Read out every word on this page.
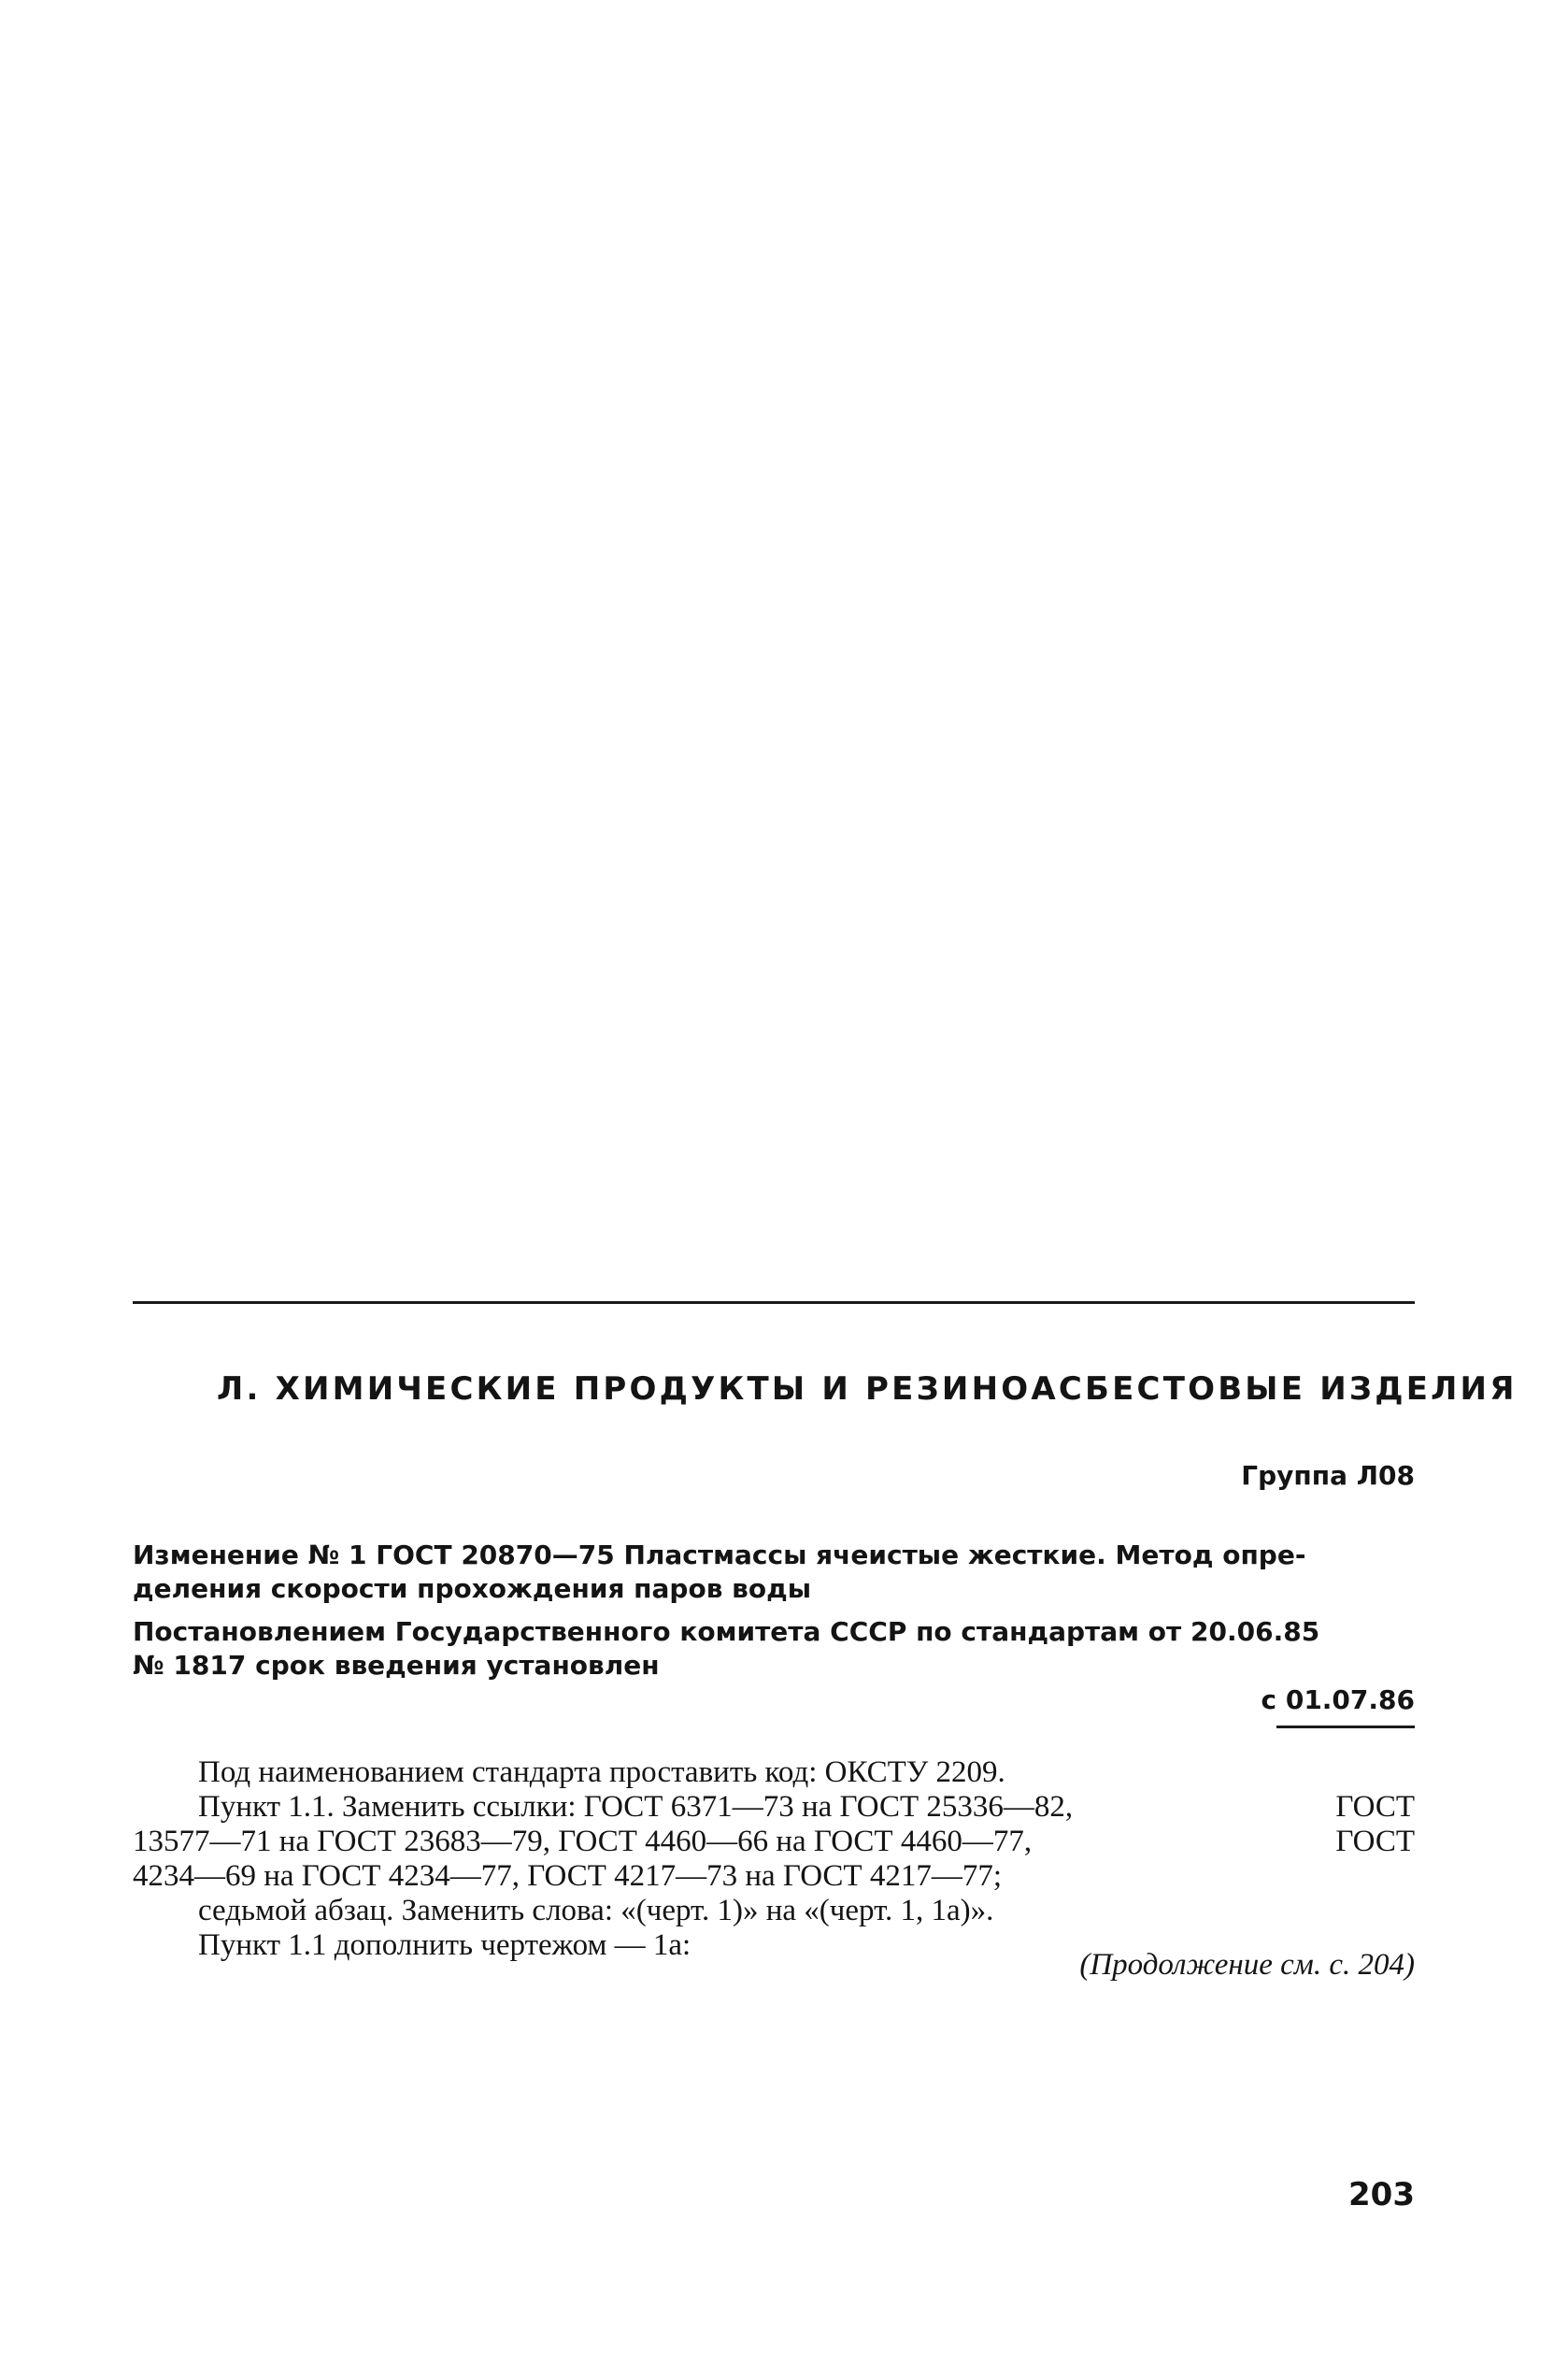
Л. ХИМИЧЕСКИЕ ПРОДУКТЫ И РЕЗИНОАСБЕСТОВЫЕ ИЗДЕЛИЯ
Группа Л08
Изменение № 1 ГОСТ 20870—75 Пластмассы ячеистые жесткие. Метод опре-
деления скорости прохождения паров воды
Постановлением Государственного комитета СССР по стандартам от 20.06.85
№ 1817 срок введения установлен
с 01.07.86
Под наименованием стандарта проставить код: ОКСТУ 2209.
Пункт 1.1. Заменить ссылки: ГОСТ 6371—73 на ГОСТ 25336—82,	ГОСТ
13577—71 на ГОСТ 23683—79, ГОСТ 4460—66 на ГОСТ 4460—77,	ГОСТ
4234—69 на ГОСТ 4234—77, ГОСТ 4217—73 на ГОСТ 4217—77;
седьмой абзац. Заменить слова: «(черт. 1)» на «(черт. 1, 1а)».
Пункт 1.1 дополнить чертежом — 1а:
(Продолжение см. с. 204)
203
